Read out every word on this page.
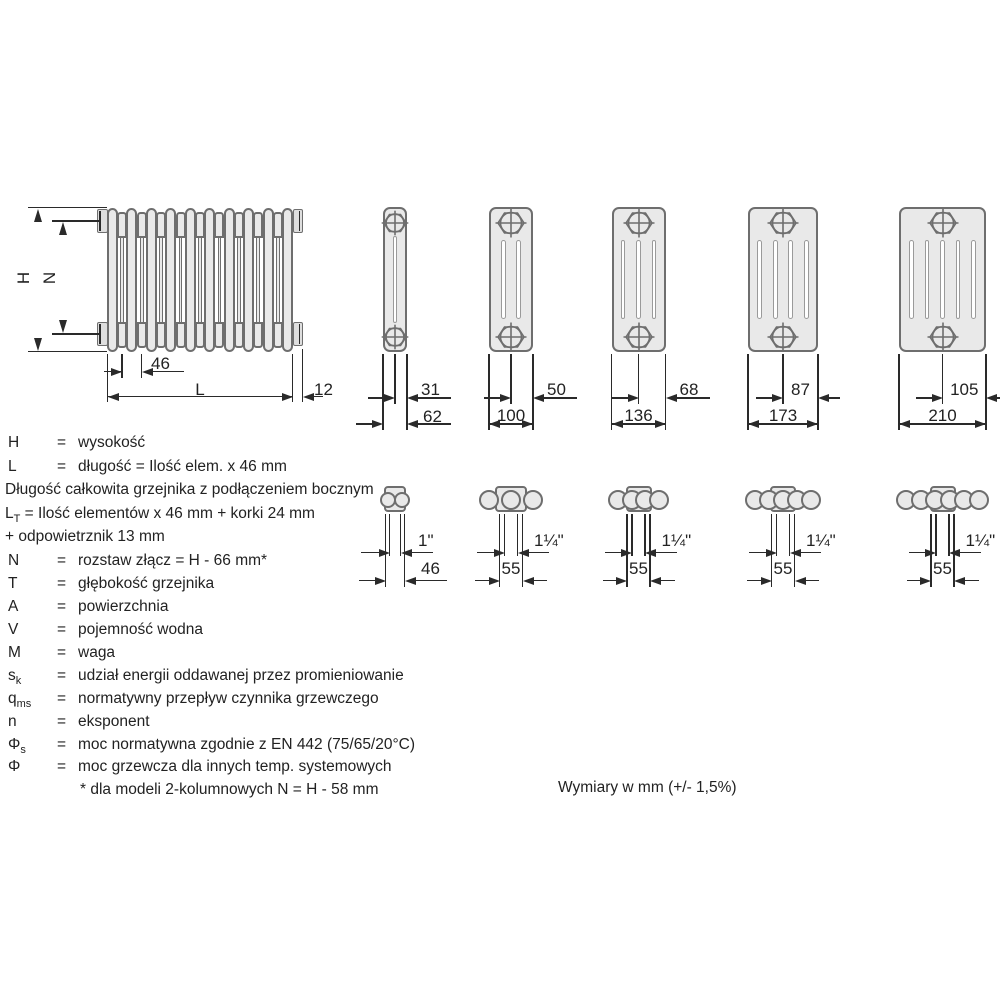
H N
46
L	12	31
62
50
100
68
136
87
173
105
210
1"
46
1¼"
55
1¼"
55
1¼"
55
1¼"
55
H = wysokość
L	= długość = Ilość elem. x 46 mm
Długość całkowita grzejnika z podłączeniem bocznym
$L_T$ = Ilość elementów x 46 mm + korki 24 mm
+ odpowietrznik 13 mm
N = rozstaw złącz = H - 66 mm*
T	= głębokość grzejnika
A = powierzchnia
V = pojemność wodna
M = waga
$s_k$ = udział energii oddawanej przez promieniowanie
$q_{ms}$ = normatywny przepływ czynnika grzewczego
n	= eksponent
$\Phi_s$ = moc normatywna zgodnie z EN 442 (75/65/20°C)
Φ = moc grzewcza dla innych temp. systemowych
* dla modeli 2-kolumnowych N = H - 58 mm	Wymiary w mm (+/- 1,5%)
